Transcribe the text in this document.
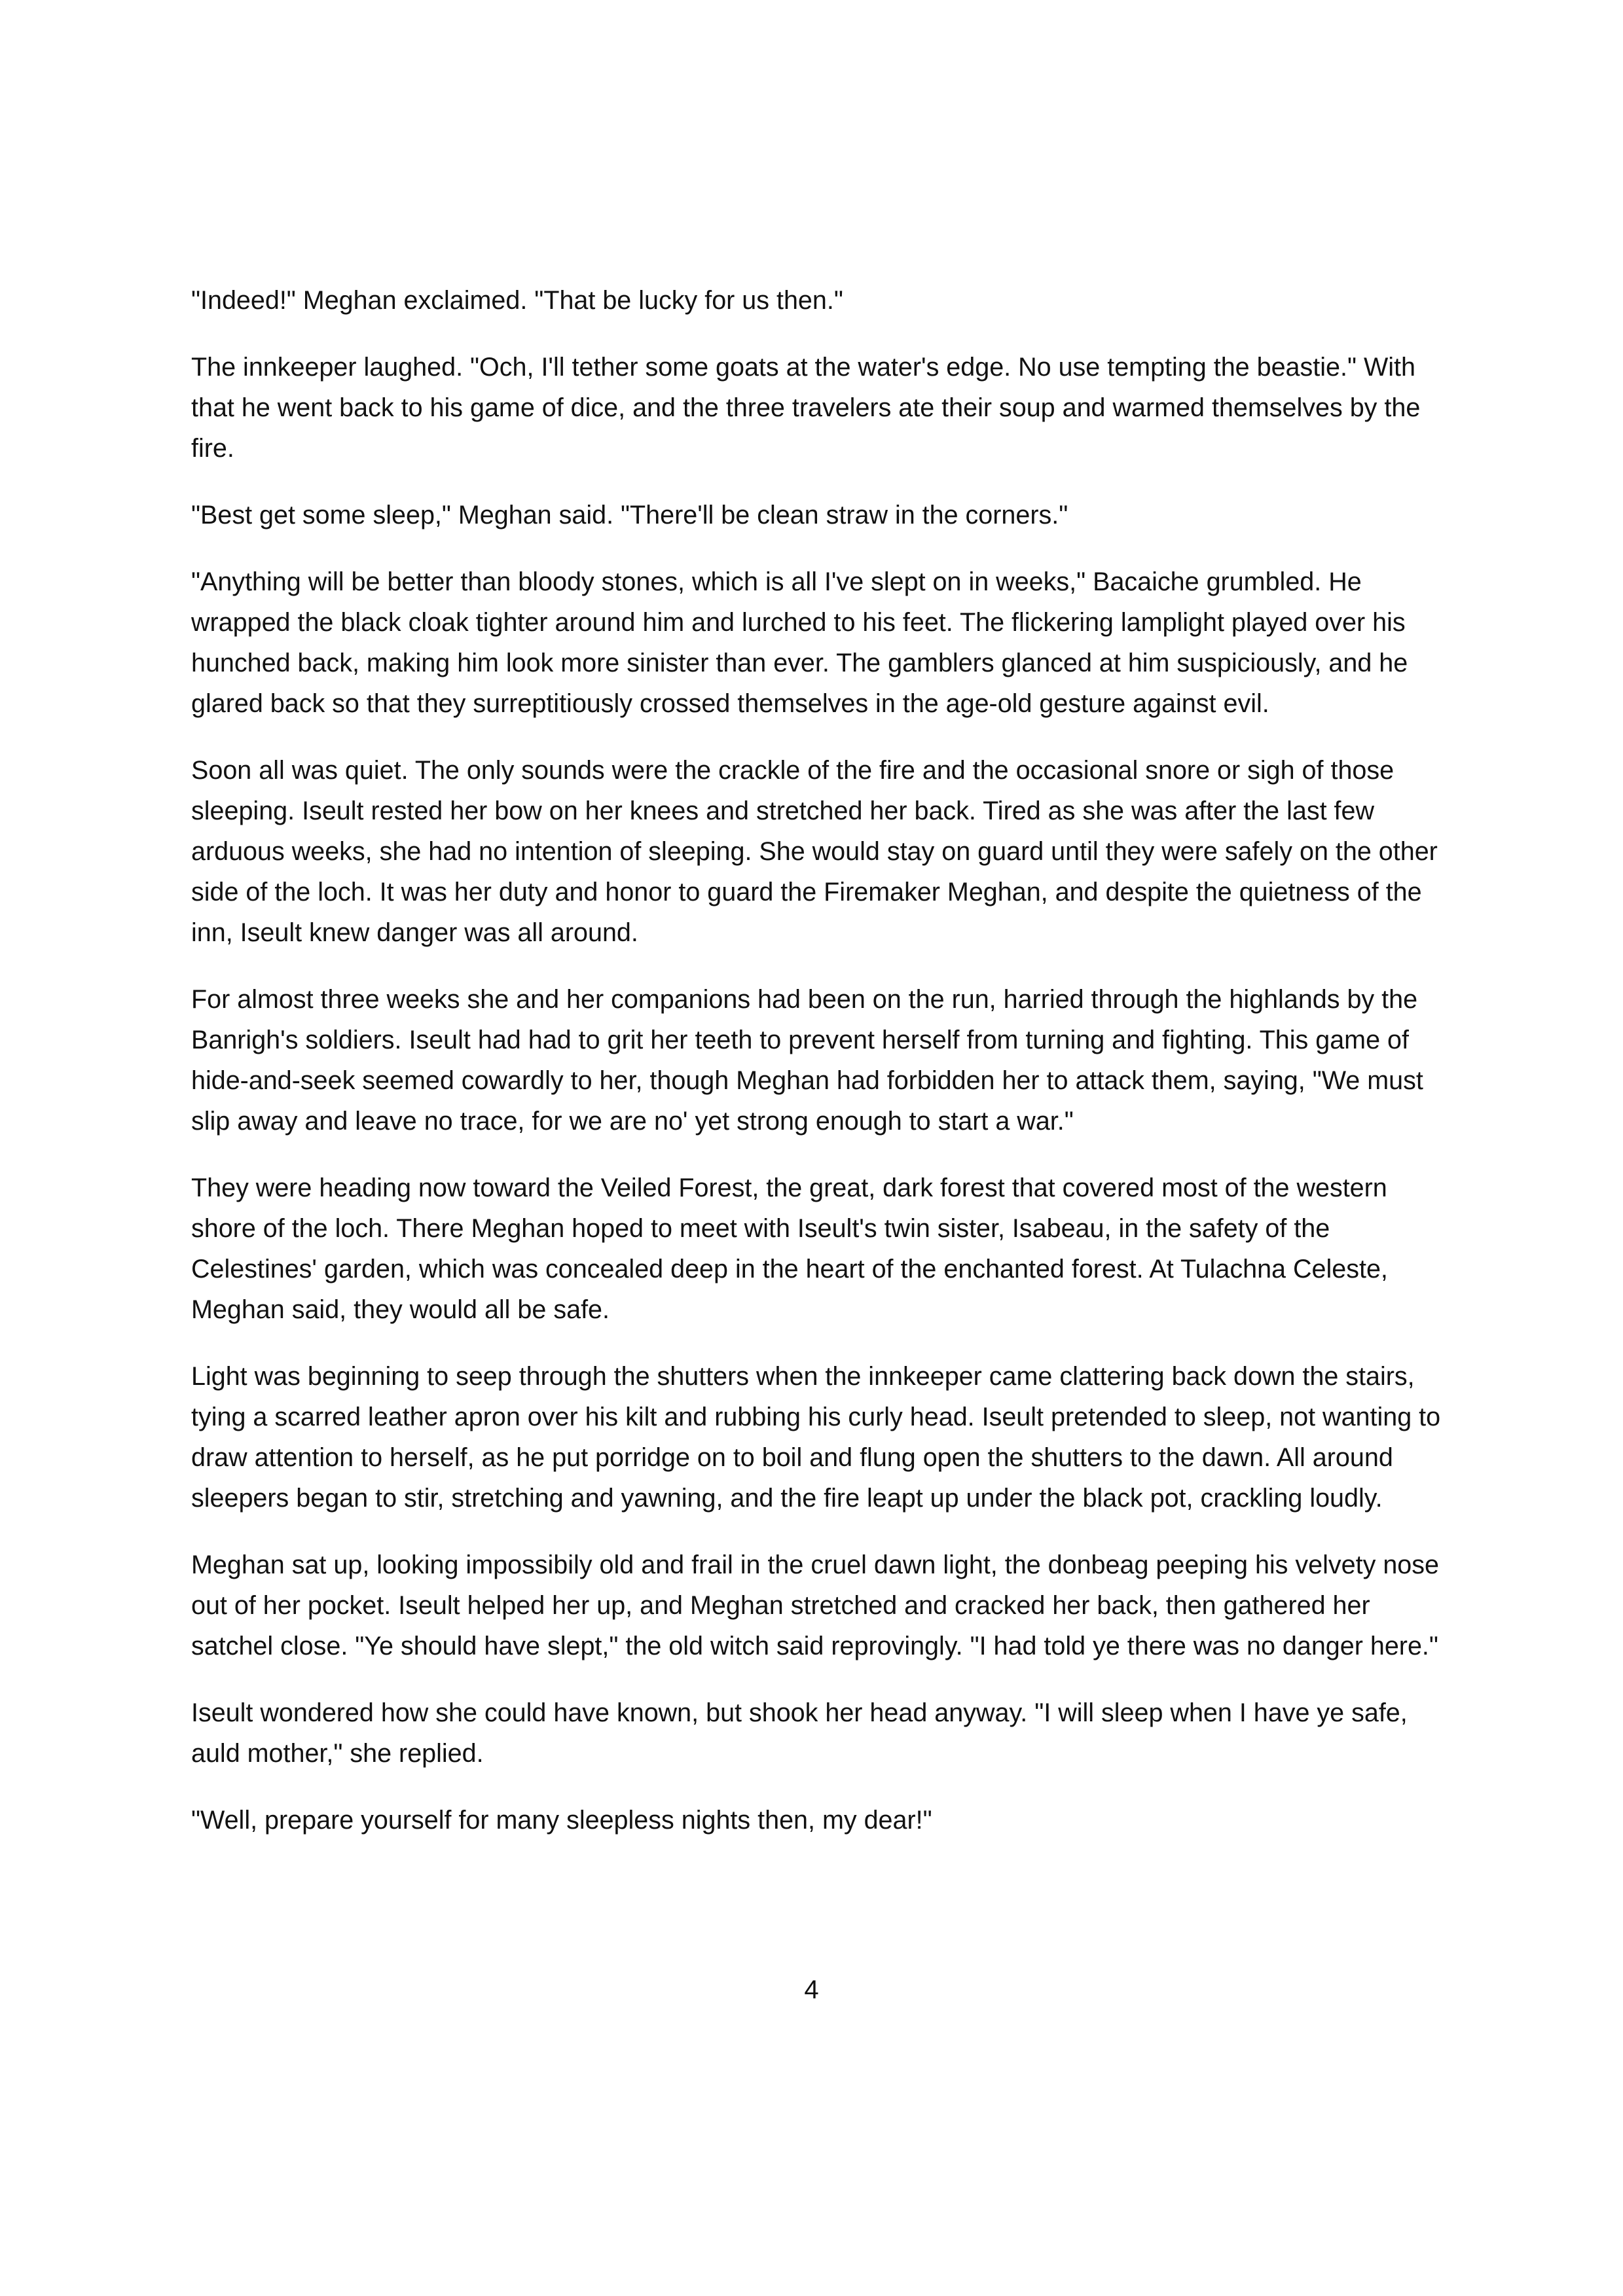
"Indeed!" Meghan exclaimed. "That be lucky for us then."

The innkeeper laughed. "Och, I'll tether some goats at the water's edge. No use tempting the beastie." With that he went back to his game of dice, and the three travelers ate their soup and warmed themselves by the fire.

"Best get some sleep," Meghan said. "There'll be clean straw in the corners."

"Anything will be better than bloody stones, which is all I've slept on in weeks," Bacaiche grumbled. He wrapped the black cloak tighter around him and lurched to his feet. The flickering lamplight played over his hunched back, making him look more sinister than ever. The gamblers glanced at him suspiciously, and he glared back so that they surreptitiously crossed themselves in the age-old gesture against evil.

Soon all was quiet. The only sounds were the crackle of the fire and the occasional snore or sigh of those sleeping. Iseult rested her bow on her knees and stretched her back. Tired as she was after the last few arduous weeks, she had no intention of sleeping. She would stay on guard until they were safely on the other side of the loch. It was her duty and honor to guard the Firemaker Meghan, and despite the quietness of the inn, Iseult knew danger was all around.

For almost three weeks she and her companions had been on the run, harried through the highlands by the Banrigh's soldiers. Iseult had had to grit her teeth to prevent herself from turning and fighting. This game of hide-and-seek seemed cowardly to her, though Meghan had forbidden her to attack them, saying, "We must slip away and leave no trace, for we are no' yet strong enough to start a war."

They were heading now toward the Veiled Forest, the great, dark forest that covered most of the western shore of the loch. There Meghan hoped to meet with Iseult's twin sister, Isabeau, in the safety of the Celestines' garden, which was concealed deep in the heart of the enchanted forest. At Tulachna Celeste, Meghan said, they would all be safe.

Light was beginning to seep through the shutters when the innkeeper came clattering back down the stairs, tying a scarred leather apron over his kilt and rubbing his curly head. Iseult pretended to sleep, not wanting to draw attention to herself, as he put porridge on to boil and flung open the shutters to the dawn. All around sleepers began to stir, stretching and yawning, and the fire leapt up under the black pot, crackling loudly.

Meghan sat up, looking impossibily old and frail in the cruel dawn light, the donbeag peeping his velvety nose out of her pocket. Iseult helped her up, and Meghan stretched and cracked her back, then gathered her satchel close. "Ye should have slept," the old witch said reprovingly. "I had told ye there was no danger here."

Iseult wondered how she could have known, but shook her head anyway. "I will sleep when I have ye safe, auld mother," she replied.

"Well, prepare yourself for many sleepless nights then, my dear!"

4
